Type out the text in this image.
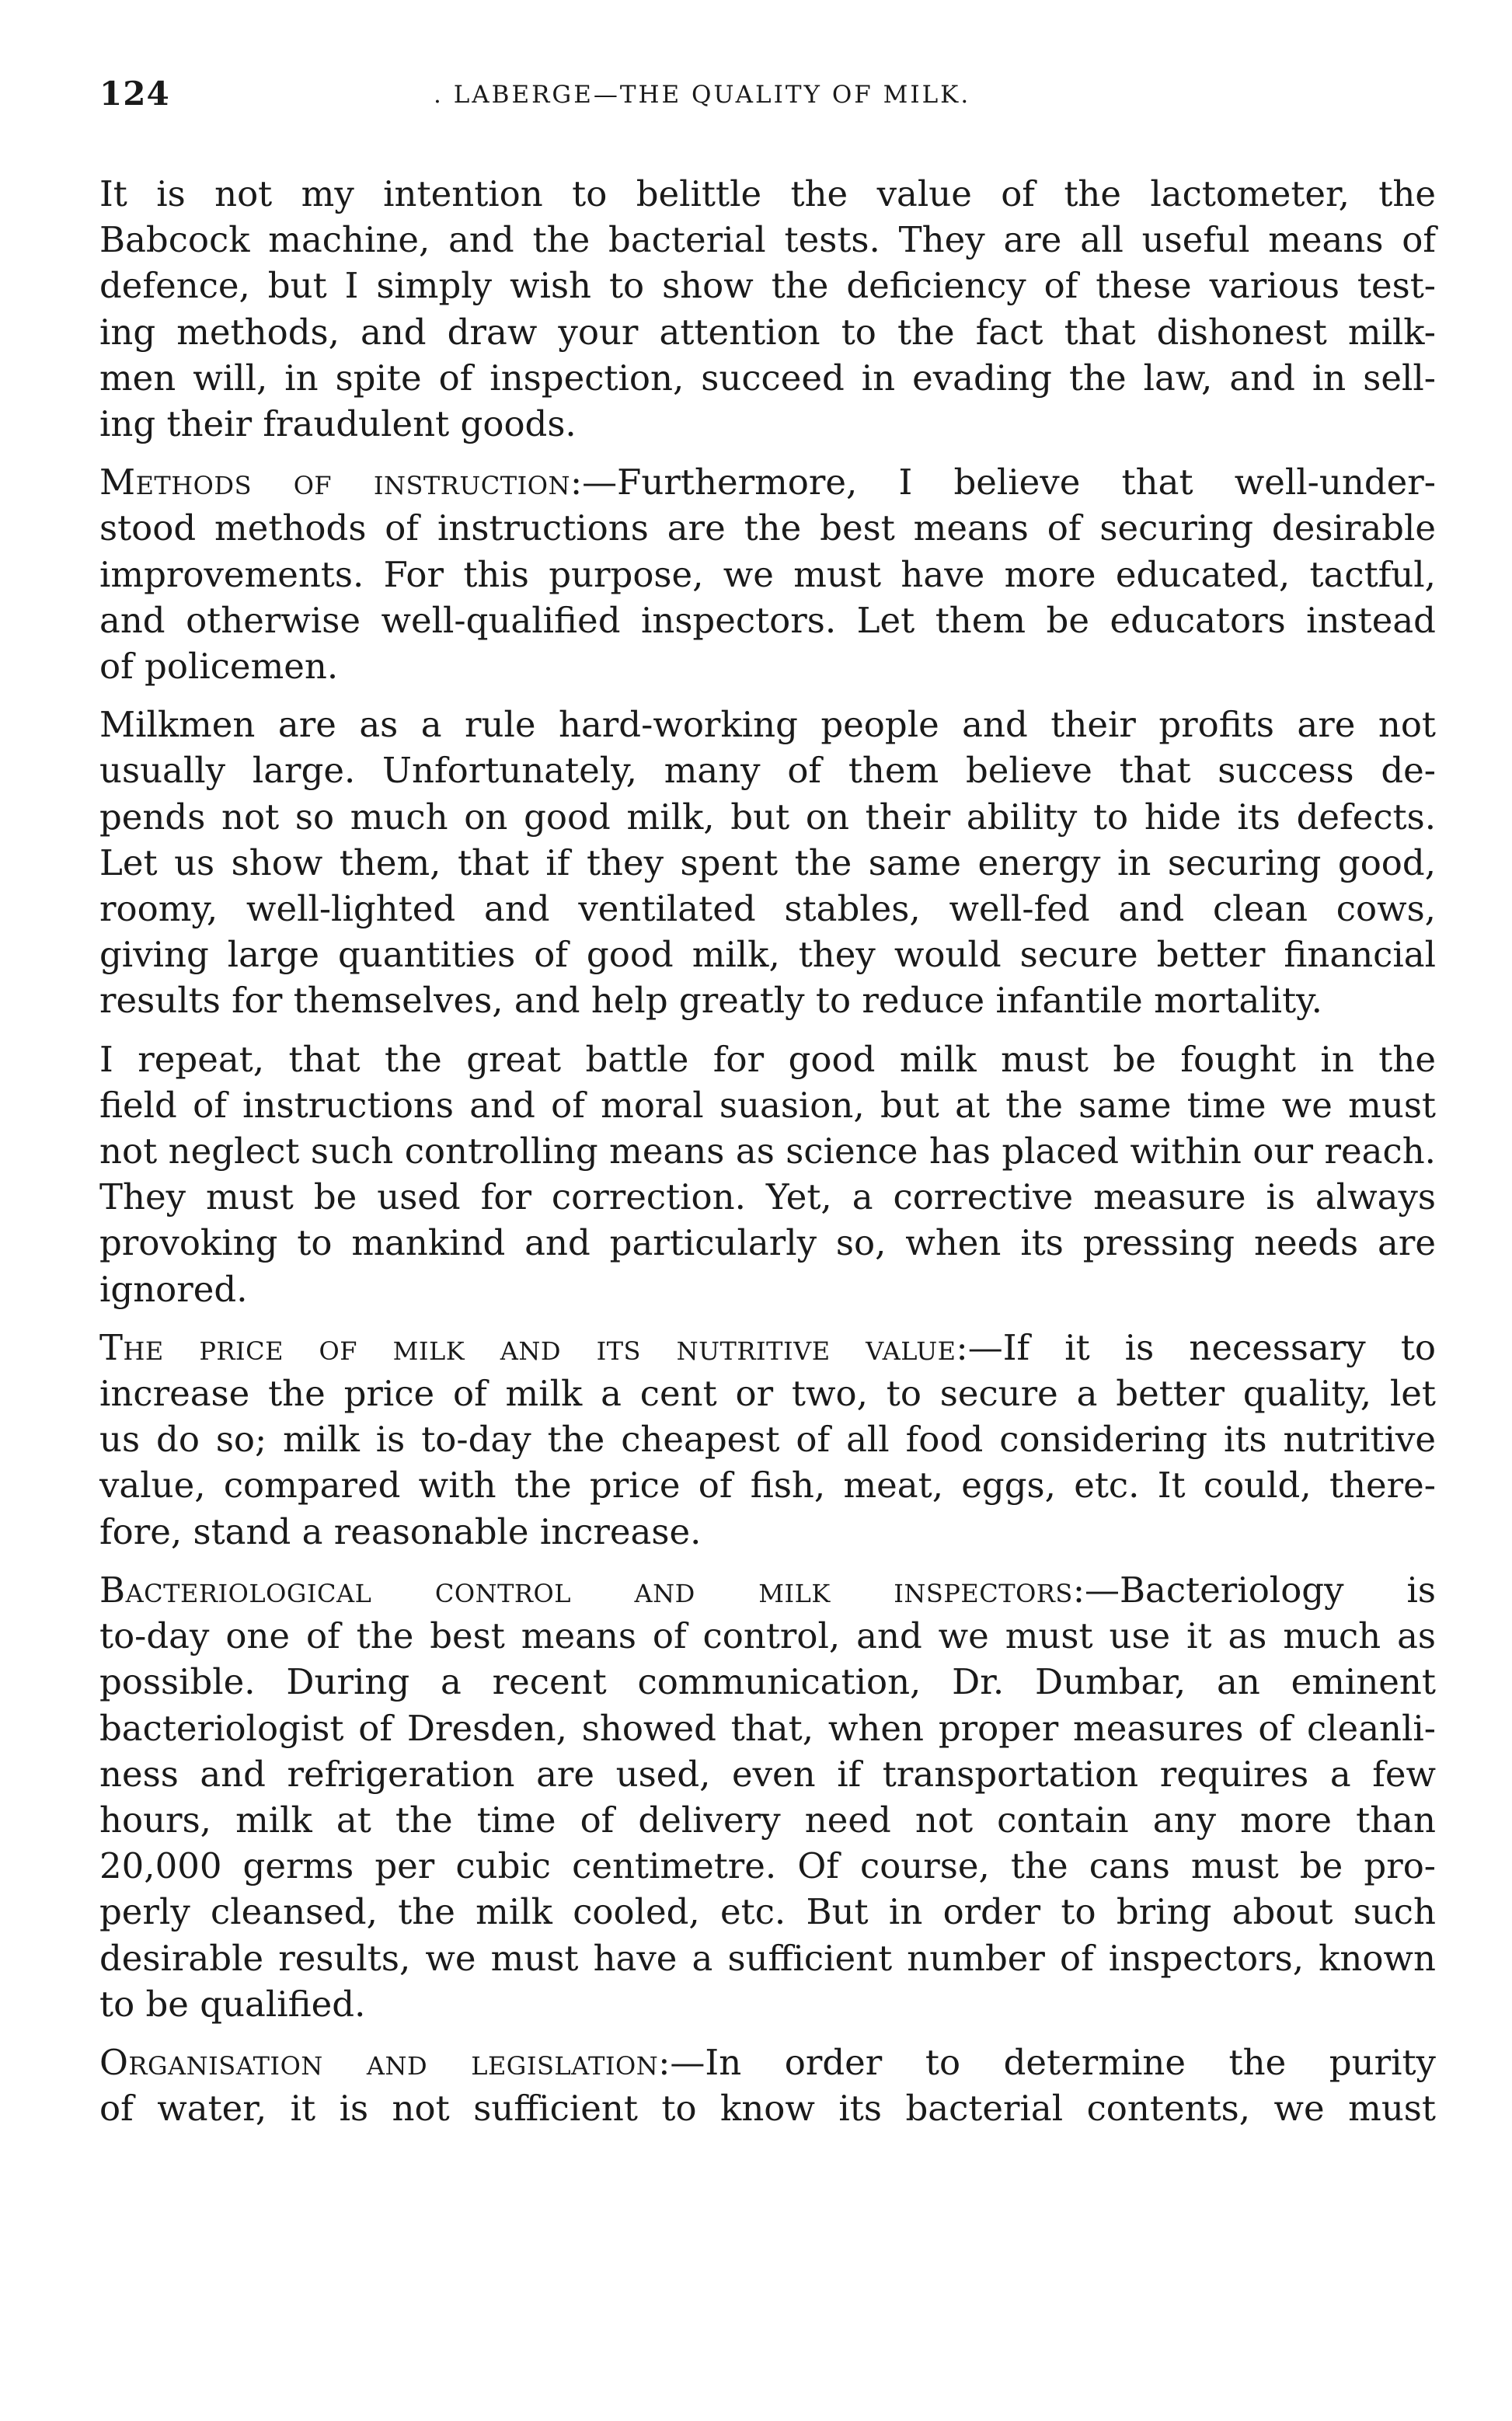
124	. LABERGE—THE QUALITY OF MILK.
It is not my intention to belittle the value of the lactometer, the
Babcock machine, and the bacterial tests. They are all useful means of
defence, but I simply wish to show the deficiency of these various test-
ing methods, and draw your attention to the fact that dishonest milk-
men will, in spite of inspection, succeed in evading the law, and in sell-
ing their fraudulent goods.
Methods of instruction:—Furthermore, I believe that well-under-
stood methods of instructions are the best means of securing desirable
improvements. For this purpose, we must have more educated, tactful,
and otherwise well-qualified inspectors. Let them be educators instead
of policemen.
Milkmen are as a rule hard-working people and their profits are not
usually large. Unfortunately, many of them believe that success de-
pends not so much on good milk, but on their ability to hide its defects.
Let us show them, that if they spent the same energy in securing good,
roomy, well-lighted and ventilated stables, well-fed and clean cows,
giving large quantities of good milk, they would secure better financial
results for themselves, and help greatly to reduce infantile mortality.
I repeat, that the great battle for good milk must be fought in the
field of instructions and of moral suasion, but at the same time we must
not neglect such controlling means as science has placed within our reach.
They must be used for correction. Yet, a corrective measure is always
provoking to mankind and particularly so, when its pressing needs are
ignored.
The price of milk and its nutritive value:—If it is necessary to
increase the price of milk a cent or two, to secure a better quality, let
us do so; milk is to-day the cheapest of all food considering its nutritive
value, compared with the price of fish, meat, eggs, etc. It could, there-
fore, stand a reasonable increase.
Bacteriological control and milk inspectors:—Bacteriology is
to-day one of the best means of control, and we must use it as much as
possible. During a recent communication, Dr. Dumbar, an eminent
bacteriologist of Dresden, showed that, when proper measures of cleanli-
ness and refrigeration are used, even if transportation requires a few
hours, milk at the time of delivery need not contain any more than
20,000 germs per cubic centimetre. Of course, the cans must be pro-
perly cleansed, the milk cooled, etc. But in order to bring about such
desirable results, we must have a sufficient number of inspectors, known
to be qualified.
Organisation and legislation:—In order to determine the purity
of water, it is not sufficient to know its bacterial contents, we must
